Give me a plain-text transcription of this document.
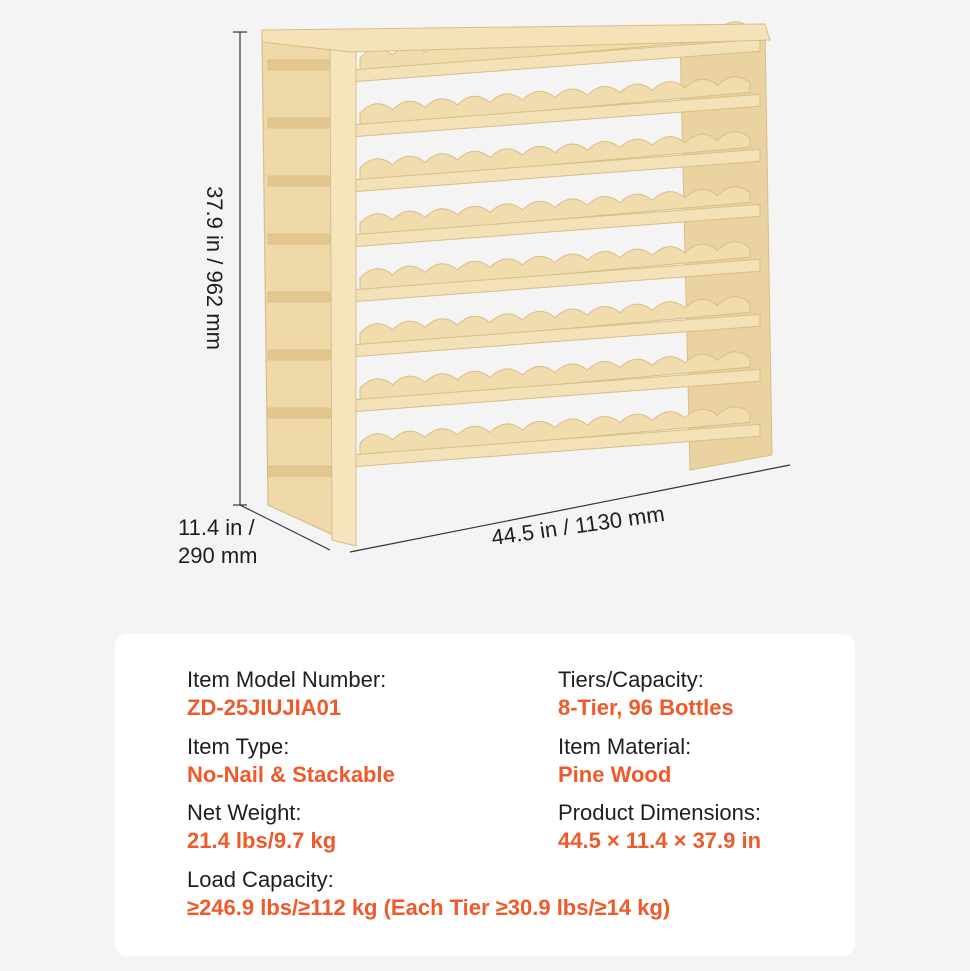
37.9 in / 962 mm
11.4 in /
290 mm
44.5 in / 1130 mm
Item Model Number:
ZD-25JIUJIA01
Tiers/Capacity:
8-Tier, 96 Bottles
Item Type:
No-Nail & Stackable
Item Material:
Pine Wood
Net Weight:
21.4 lbs/9.7 kg
Product Dimensions:
44.5 × 11.4 × 37.9 in
Load Capacity:
≥246.9 lbs/≥112 kg (Each Tier ≥30.9 lbs/≥14 kg)
